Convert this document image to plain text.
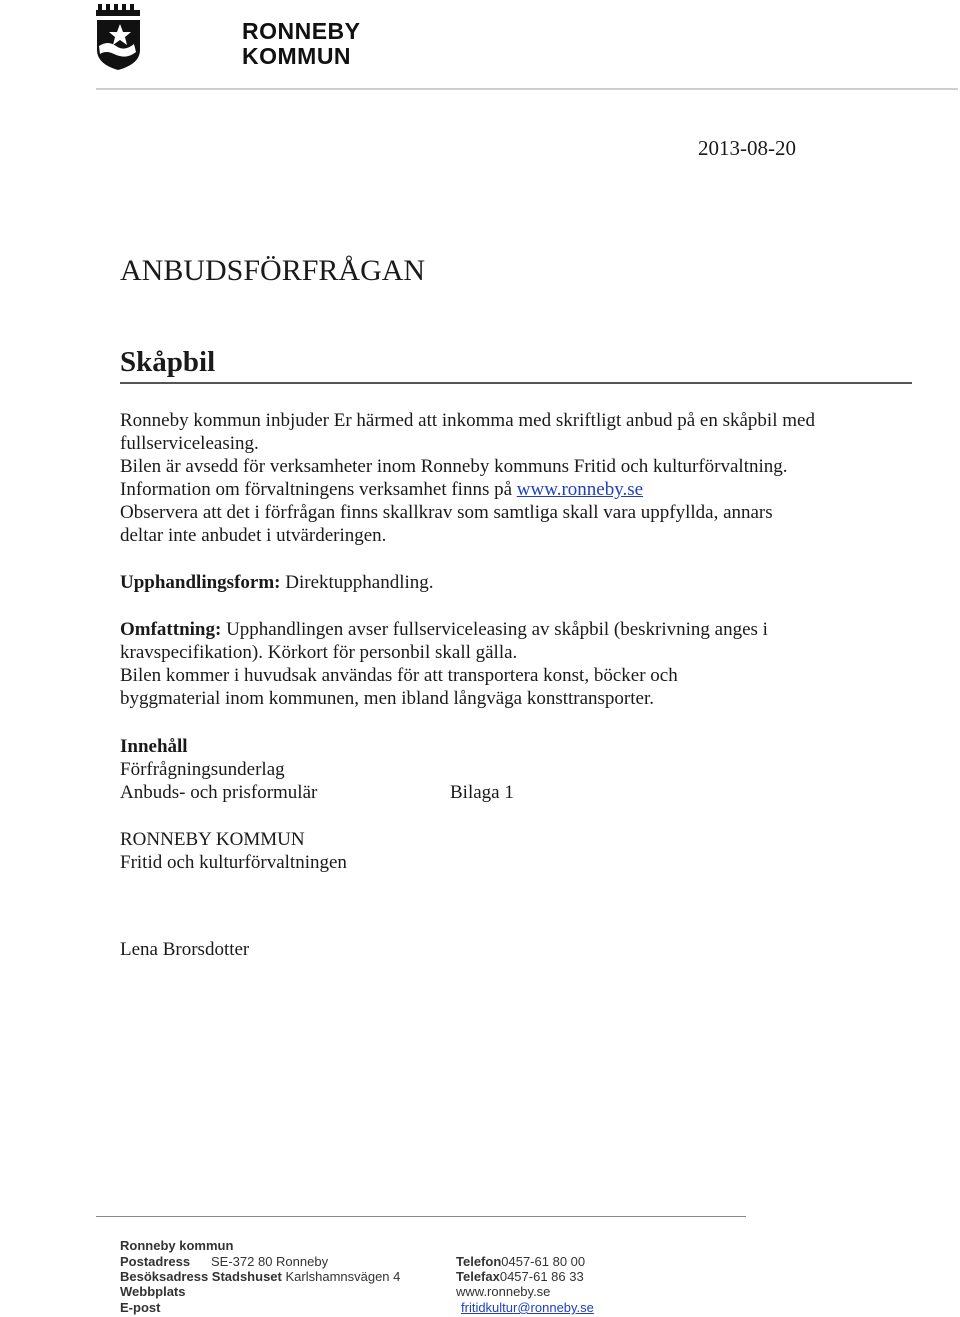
RONNEBY
KOMMUN
2013-08-20
ANBUDSFÖRFRÅGAN
Skåpbil
Ronneby kommun inbjuder Er härmed att inkomma med skriftligt anbud på en skåpbil med
fullserviceleasing.
Bilen är avsedd för verksamheter inom Ronneby kommuns Fritid och kulturförvaltning.
Information om förvaltningens verksamhet finns på www.ronneby.se
Observera att det i förfrågan finns skallkrav som samtliga skall vara uppfyllda, annars
deltar inte anbudet i utvärderingen.
Upphandlingsform: Direktupphandling.
Omfattning: Upphandlingen avser fullserviceleasing av skåpbil (beskrivning anges i
kravspecifikation). Körkort för personbil skall gälla.
Bilen kommer i huvudsak användas för att transportera konst, böcker och
byggmaterial inom kommunen, men ibland långväga konsttransporter.
Innehåll
Förfrågningsunderlag
Anbuds- och prisformulär	Bilaga 1
RONNEBY KOMMUN
Fritid och kulturförvaltningen
Lena Brorsdotter
Ronneby kommun
Postadress SE-372 80 Ronneby
Besöksadress Stadshuset Karlshamnsvägen 4
Webbplats
E-post
Telefon0457-61 80 00
Telefax0457-61 86 33
www.ronneby.se
fritidkultur@ronneby.se
